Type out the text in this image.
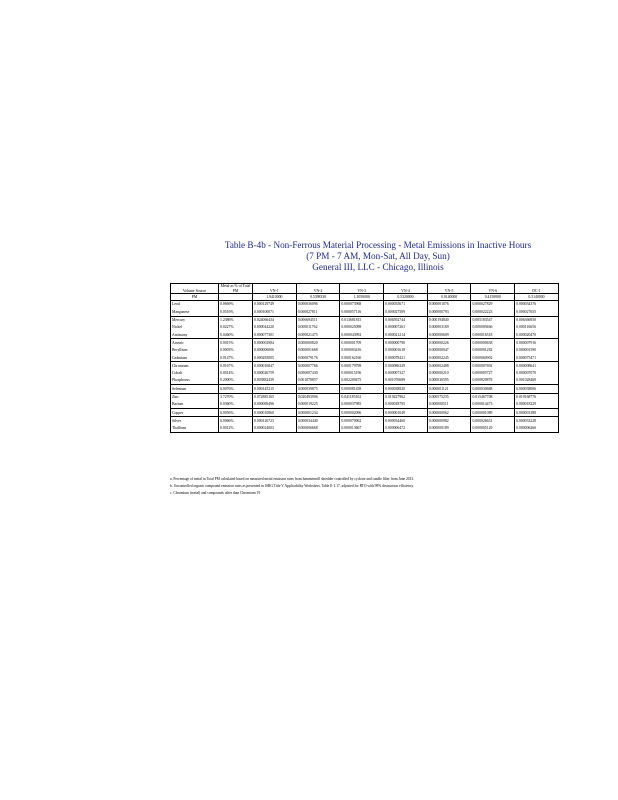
Table B-4b - Non-Ferrous Material Processing - Metal Emissions in Inactive Hours
(7 PM - 7 AM, Mon-Sat, All Day, Sun)
General III, LLC - Chicago, Illinois
Volume Source	Metal as % of Total PM	VN-1	VN-2	VN-3	VN-4	VN-5	VN-6	DC-1
PM		1.9410000	0.5398330	1.1050000	0.5320000	0.0140000	0.4150000	0.5140000
Lead	0.0669%	0.000129749	0.000036096	0.000073968	0.000035671	0.000001076	0.000027829	0.000034376
Manganese	0.0516%	0.000100071	0.000027811	0.000057116	0.000027509	0.000000793	0.000022223	0.000027655
Mercury	1.2386%	0.024066434	0.006694511	0.013681815	0.006592744	0.000194840	0.005183547	0.006366950
Nickel	0.0227%	0.000044220	0.000011762	0.000025098	0.000007261	0.000003169	0.000009466	0.000116656
Antimony	0.0460%	0.000077301	0.000021475	0.000043992	0.000021214	0.000000609	0.000016518	0.000020470
Arsenic	0.0015%	0.000002984	0.000000820	0.000001709	0.000000790	0.000000226	0.000000638	0.000007916
Beryllium	0.0003%	0.000006006	0.000001668	0.000003416	0.000001618	0.000000047	0.000001282	0.000001590
Cadmium	0.0147%	0.000285005	0.000079176	0.000162160	0.000078421	0.000002245	0.000060902	0.000075471
Chromium	0.0167%	0.000016847	0.000007766	0.000179798	0.000086329	0.000002488	0.000007692	0.000008641
Cobalt	0.0014%	0.000026759	0.000007430	0.000015196	0.000007327	0.000000210	0.000005727	0.000007070
Phosphorus	0.2000%	0.003882439	0.001078857	0.002209475	0.001076689	0.000030595	0.000829878	0.001028469
Selenium	0.0076%	0.000145215	0.000039875	0.000081458	0.000038820	0.000001121	0.000030668	0.000038006
Zinc	3.7270%	0.072885165	0.020493906	0.041185102	0.019427962	0.000575235	0.015467708	0.019168776
Barium	0.0360%	0.000069496	0.000019225	0.000037985	0.000018795	0.000000511	0.000014473	0.000018229
Copper	0.0056%	0.000010860	0.000001234	0.000002096	0.000001049	0.000000062	0.000001089	0.000001388
Silver	0.0066%	0.000126723	0.000034440	0.000070962	0.000034460	0.000000982	0.000026631	0.000033228
Thallium	0.0012%	0.000024003	0.000006668	0.000013667	0.000006472	0.000000189	0.000005129	0.000006266
a. Percentage of metal in Total PM calculated based on measured metal emission rates from hammermill shredder controlled by cyclone and candle filter from June 2013.
b. Uncontrolled organic compound emission rates as presented in ISRG Title V Applicability Worksheet, Table E-1.17, adjusted for RTO with 98% destruction efficiency.
c. Chromium (metal) and compounds other than Chromium VI
